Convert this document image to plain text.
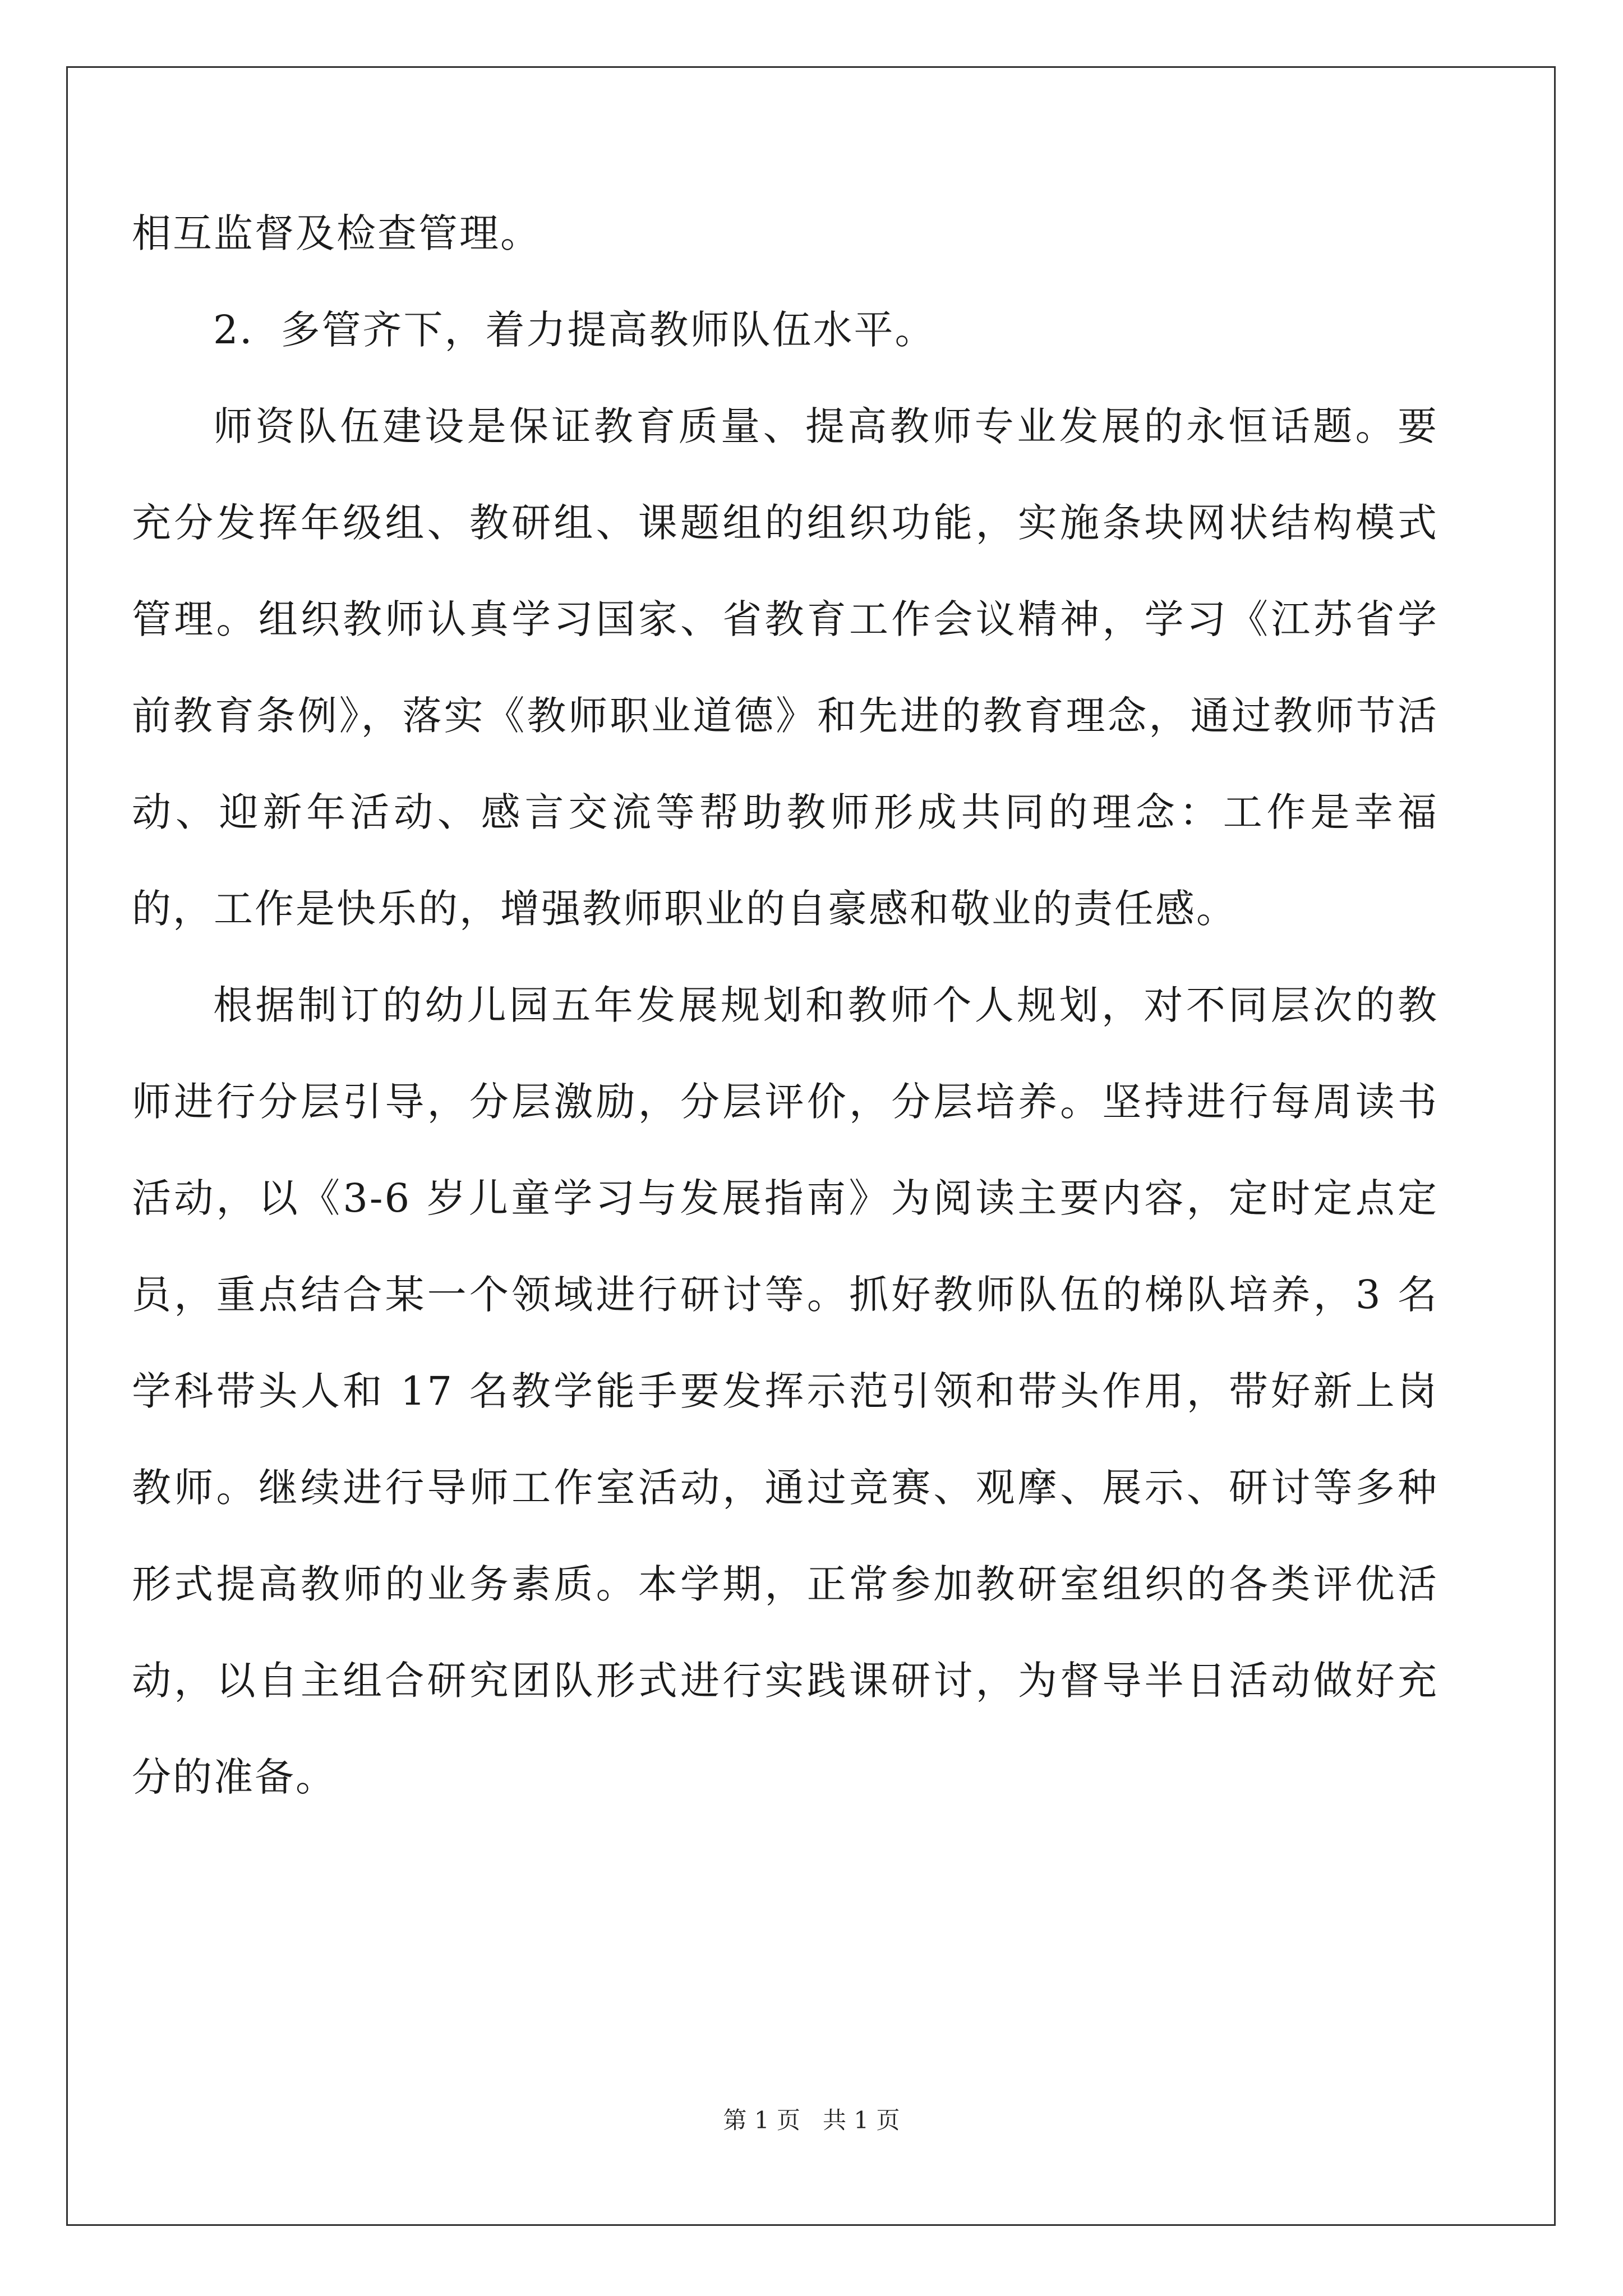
相互监督及检查管理。

2．多管齐下，着力提高教师队伍水平。

师资队伍建设是保证教育质量、提高教师专业发展的永恒话题。要充分发挥年级组、教研组、课题组的组织功能，实施条块网状结构模式管理。组织教师认真学习国家、省教育工作会议精神，学习《江苏省学前教育条例》，落实《教师职业道德》和先进的教育理念，通过教师节活动、迎新年活动、感言交流等帮助教师形成共同的理念：工作是幸福的，工作是快乐的，增强教师职业的自豪感和敬业的责任感。

根据制订的幼儿园五年发展规划和教师个人规划，对不同层次的教师进行分层引导，分层激励，分层评价，分层培养。坚持进行每周读书活动，以《3-6 岁儿童学习与发展指南》为阅读主要内容，定时定点定员，重点结合某一个领域进行研讨等。抓好教师队伍的梯队培养，3 名学科带头人和 17 名教学能手要发挥示范引领和带头作用，带好新上岗教师。继续进行导师工作室活动，通过竞赛、观摩、展示、研讨等多种形式提高教师的业务素质。本学期，正常参加教研室组织的各类评优活动，以自主组合研究团队形式进行实践课研讨，为督导半日活动做好充分的准备。

第 1 页 共 1 页
